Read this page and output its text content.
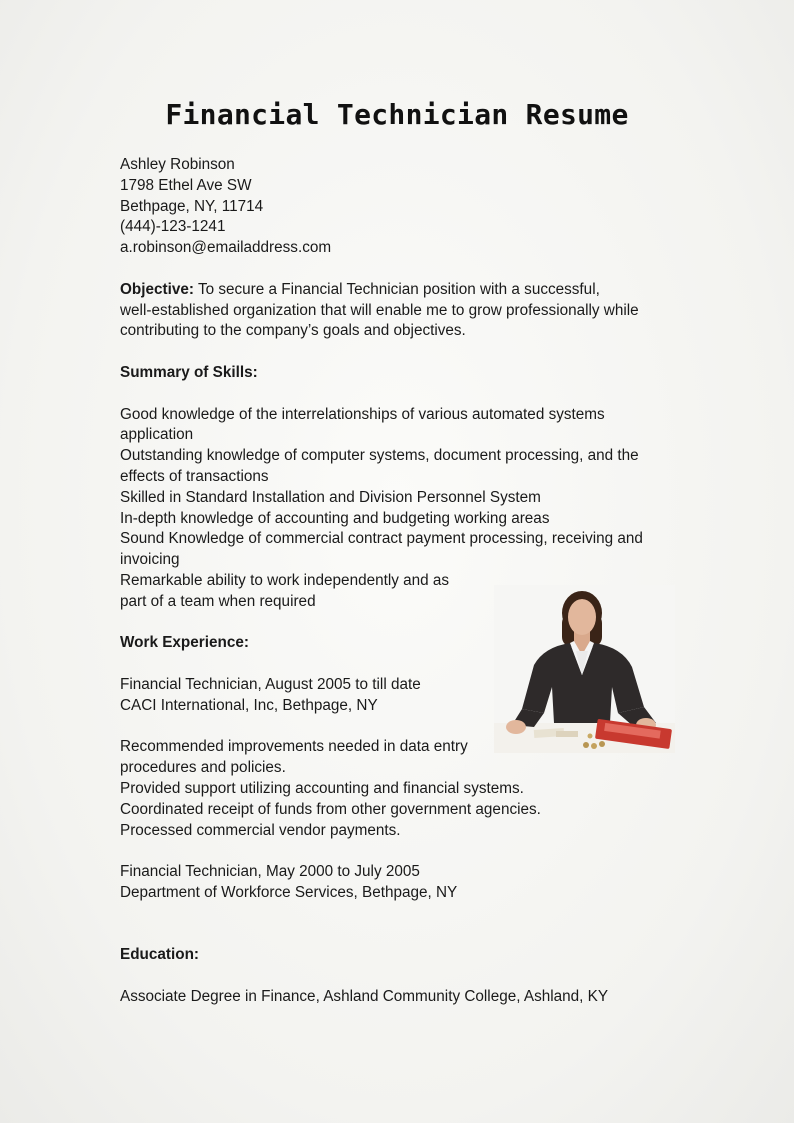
Financial Technician Resume
Ashley Robinson
1798 Ethel Ave SW
Bethpage, NY, 11714
(444)-123-1241
a.robinson@emailaddress.com
Objective: To secure a Financial Technician position with a successful,
well-established organization that will enable me to grow professionally while
contributing to the company’s goals and objectives.
Summary of Skills:
Good knowledge of the interrelationships of various automated systems
application
Outstanding knowledge of computer systems, document processing, and the
effects of transactions
Skilled in Standard Installation and Division Personnel System
In-depth knowledge of accounting and budgeting working areas
Sound Knowledge of commercial contract payment processing, receiving and
invoicing
Remarkable ability to work independently and as
part of a team when required
Work Experience:
Financial Technician, August 2005 to till date
CACI International, Inc, Bethpage, NY
Recommended improvements needed in data entry
procedures and policies.
Provided support utilizing accounting and financial systems.
Coordinated receipt of funds from other government agencies.
Processed commercial vendor payments.
Financial Technician, May 2000 to July 2005
Department of Workforce Services, Bethpage, NY
Education:
Associate Degree in Finance, Ashland Community College, Ashland, KY
